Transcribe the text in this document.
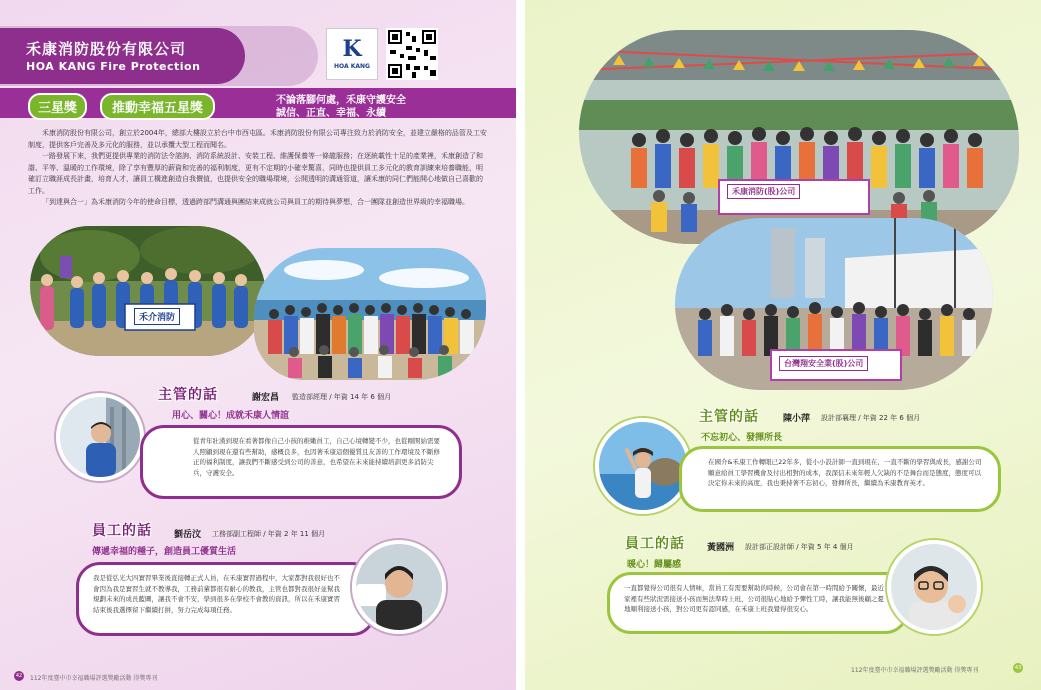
禾康消防股份有限公司
HOA KANG Fire Protection
K
HOA KANG
三星獎	推動幸福五星獎
不論落腳何處，禾康守護安全
誠信、正直、幸福、永續

禾康消防股份有限公司，創立於2004年，總部大樓設立於台中市西屯區。禾康消防股份有限公司專注致力於消防安全，並建立嚴格的品管及工安制度，提供客戶完善及多元化的服務，並以承攬大型工程而聞名。

一路發展下來，我們更提供專業的消防法令諮詢、消防系統設計、安裝工程、維護保養等一條龍服務；在逐統載性十足的產業裡，禾康創造了和諧、平等、溫暖的工作環境，除了享有豐厚的薪資和完善的福利制度，更有不定期的小確幸驚喜，同時也提供員工多元化的教育訓練來培養職能，明確訂立職涯成長計畫，培育人才，讓員工構進創造自我價值，也提供安全的職場環境，公開透明的溝通管道，讓禾康的同仁們能開心地做自己喜歡的工作。

「到達與合一」為禾康消防今年的使命目標，透過跨部門溝通與團結來成就公司與員工的期待與夢想，合一團隊並創造世界級的幸福職場。

禾介消防
主管的話	謝宏昌 監造部經理 / 年資 14 年 6 個月
用心、關心！成就禾康人情誼
從青年壯漢到現在看著都像自己小孩的稚嫩員工，自己心境轉變不少，也從剛開始需要人照顧到現在還有些幫助，感概良多，也因著禾康這個優質且友善的工作環境及不斷修正的福利制度，讓我們不斷感受到公司的善意，也希望在未來能持續培訓更多消防尖兵，守護安全。
員工的話 劉岳汶 工務部副工程師 / 年資 2 年 11 個月
傳遞幸福的種子，創造員工優質生活
我是從弘光大四實習畢業後直接轉正式人員，在禾康實習過程中，大家都對我很好也不會因為我是實習生就不教導我，工務前輩都很有耐心的教我，主管也都對我很好並幫我規劃未來的成長藍圖，讓我不會不安，學到很多在學校不會教的資訊，所以在禾康實習結束後我選擇留下繼續打拼，努力完成每項任務。
42	112年度臺中市幸福職場評選獎勵活動 得獎專刊
禾康消防(股)公司
台灣翔安全業(股)公司
主管的話	陳小萍 設計部襄理 / 年資 22 年 6 個月
不忘初心、發揮所長
在國介&禾康工作轉眼已22年多，從小小設計師一直到現在，一直不斷的學習與成長，感謝公司願意給員工學習機會及付出相對的成本，我深信未來年輕人欠缺的不是舞台而是態度，態度可以決定你未來的高度，我也秉持著不忘初心，發揮所長，繼續為禾康教育英才。
員工的話 黃國洲 設計部正設計師 / 年資 5 年 4 個月
暖心！歸屬感
一直都覺得公司很有人情味，當員工有需要幫助的時候，公司會在第一時間給予關懷，最近家裡有些狀況需接送小孩而無法準時上班，公司很貼心地給予彈性工時，讓我能無後顧之憂地順利接送小孩，對公司更有認同感，在禾康上班我覺得很安心。
112年度臺中市幸福職場評選獎勵活動 得獎專刊	43
